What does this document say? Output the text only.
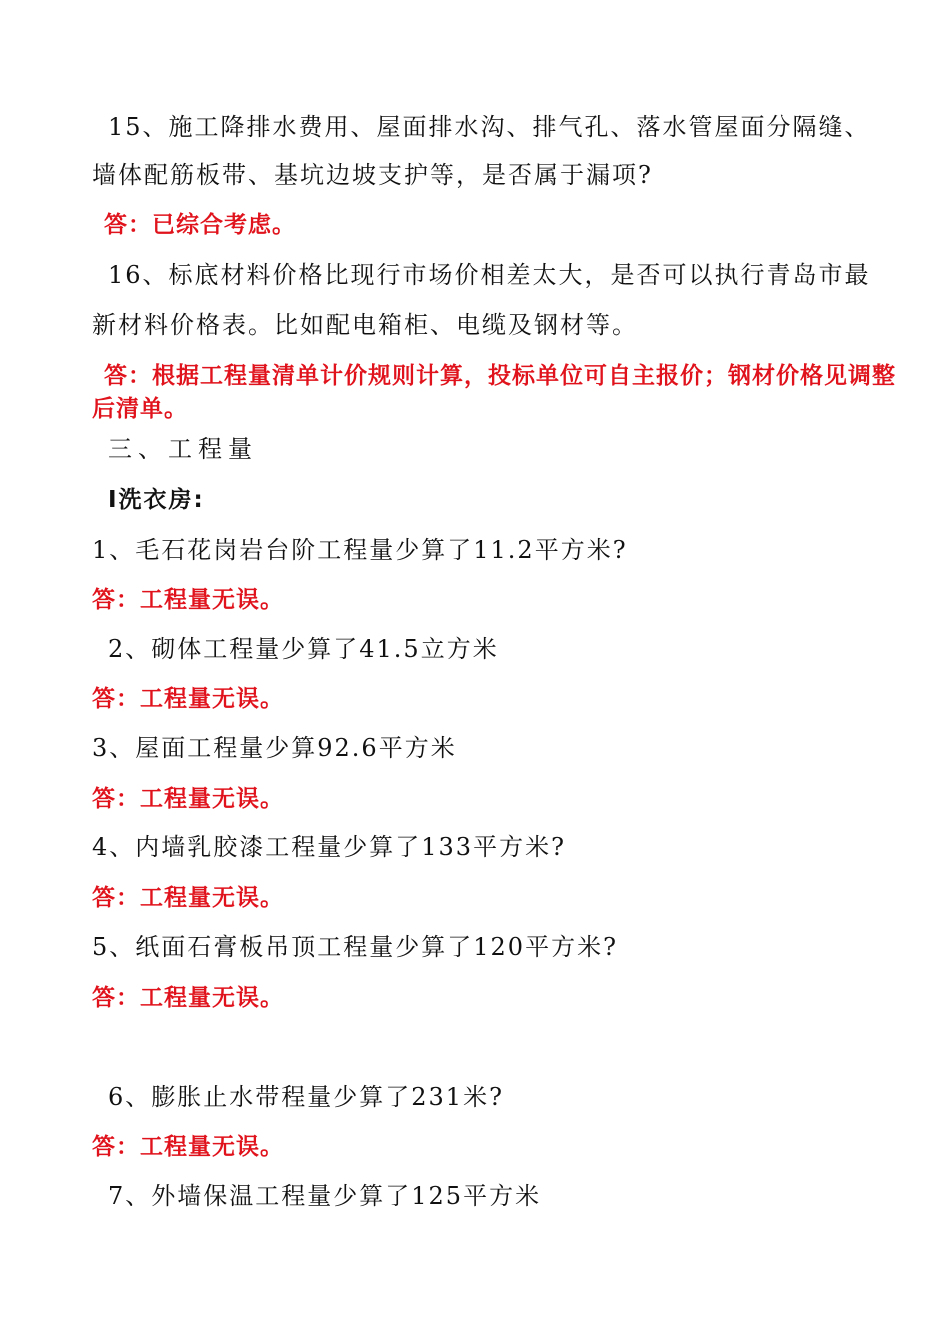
15、施工降排水费用、屋面排水沟、排气孔、落水管屋面分隔缝、
墙体配筋板带、基坑边坡支护等，是否属于漏项?
答：已综合考虑。
16、标底材料价格比现行市场价相差太大，是否可以执行青岛市最
新材料价格表。比如配电箱柜、电缆及钢材等。
答：根据工程量清单计价规则计算，投标单位可自主报价；钢材价格见调整
后清单。
三、工程量
I洗衣房:
1、毛石花岗岩台阶工程量少算了11.2平方米?
答：工程量无误。
2、砌体工程量少算了41.5立方米
答：工程量无误。
3、屋面工程量少算92.6平方米
答：工程量无误。
4、内墙乳胶漆工程量少算了133平方米?
答：工程量无误。
5、纸面石膏板吊顶工程量少算了120平方米?
答：工程量无误。
6、膨胀止水带程量少算了231米?
答：工程量无误。
7、外墙保温工程量少算了125平方米
